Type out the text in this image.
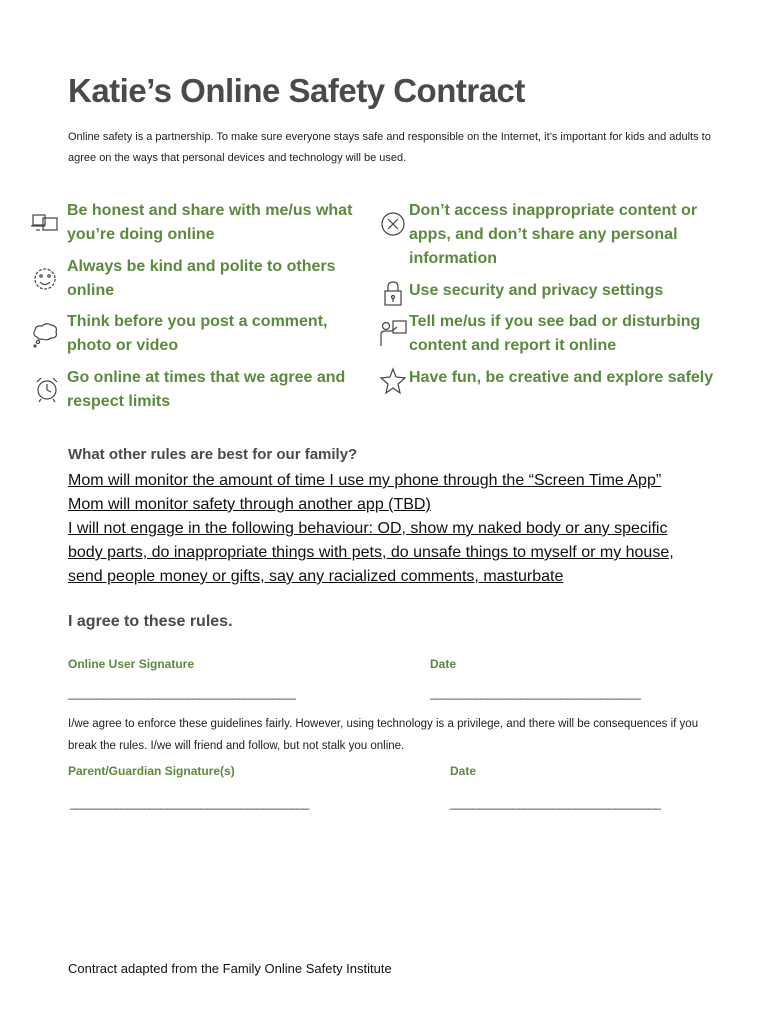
Katie’s Online Safety Contract
Online safety is a partnership. To make sure everyone stays safe and responsible on the Internet, it’s important for kids and adults to agree on the ways that personal devices and technology will be used.
Be honest and share with me/us what you’re doing online
Always be kind and polite to others online
Think before you post a comment, photo or video
Go online at times that we agree and respect limits
Don’t access inappropriate content or apps, and don’t share any personal information
Use security and privacy settings
Tell me/us if you see bad or disturbing content and report it online
Have fun, be creative and explore safely
What other rules are best for our family?
Mom will monitor the amount of time I use my phone through the “Screen Time App”
Mom will monitor safety through another app (TBD)
I will not engage in the following behaviour: OD, show my naked body or any specific
body parts, do inappropriate things with pets, do unsafe things to myself or my house,
send people money or gifts, say any racialized comments, masturbate
I agree to these rules.
Online User Signature	Date
________________________________________	_____________________________________
I/we agree to enforce these guidelines fairly. However, using technology is a privilege, and there will be consequences if you break the rules. I/we will friend and follow, but not stalk you online.
Parent/Guardian Signature(s)	Date
__________________________________________	_____________________________________
Contract adapted from the Family Online Safety Institute
